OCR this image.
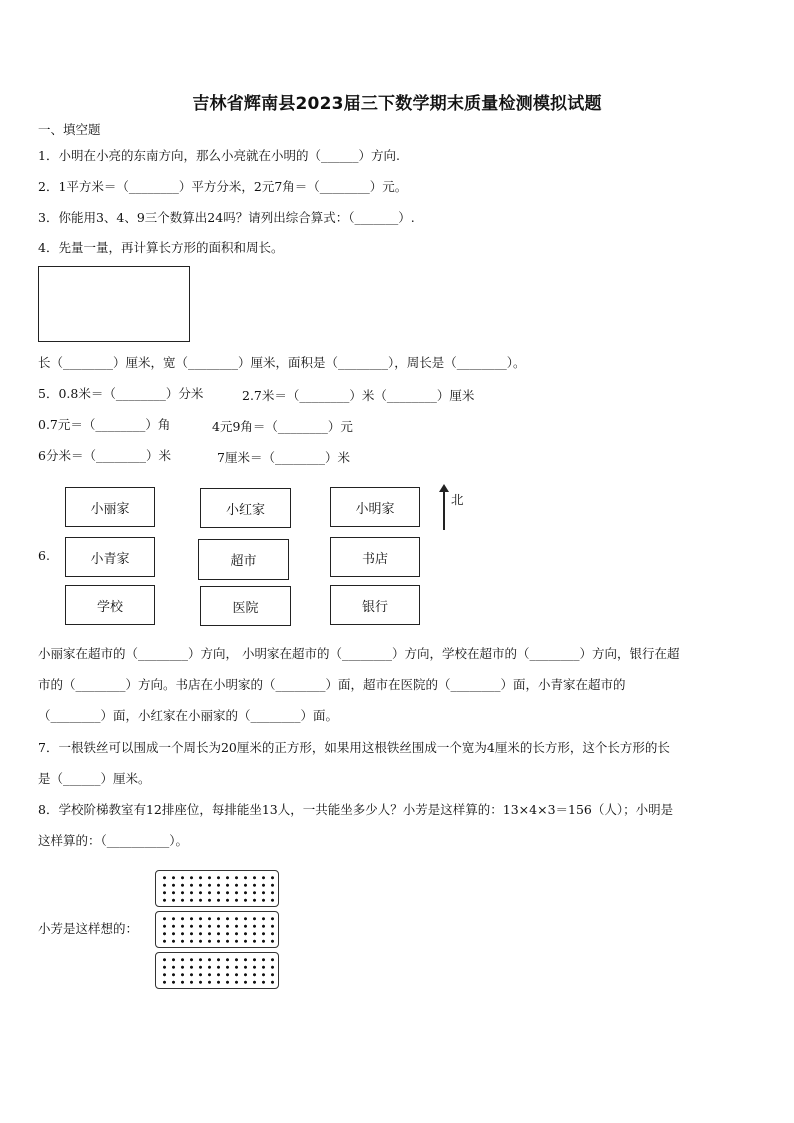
吉林省辉南县2023届三下数学期末质量检测模拟试题
一、填空题
1．小明在小亮的东南方向，那么小亮就在小明的（______）方向.
2．1平方米＝（________）平方分米，2元7角＝（________）元。
3．你能用3、4、9三个数算出24吗？请列出综合算式：（_______）.
4．先量一量，再计算长方形的面积和周长。
长（________）厘米，宽（________）厘米，面积是（________），周长是（________）。
5．0.8米＝（________）分米	2.7米＝（________）米（________）厘米
0.7元＝（________）角	4元9角＝（________）元
6分米＝（________）米	7厘米＝（________）米
6.
小丽家	小红家	小明家
小青家	超市	书店
学校	医院	银行
北
小丽家在超市的（________）方向， 小明家在超市的（________）方向，学校在超市的（________）方向，银行在超
市的（________）方向。书店在小明家的（________）面，超市在医院的（________）面，小青家在超市的
（________）面，小红家在小丽家的（________）面。
7．一根铁丝可以围成一个周长为20厘米的正方形，如果用这根铁丝围成一个宽为4厘米的长方形，这个长方形的长
是（______）厘米。
8．学校阶梯教室有12排座位，每排能坐13人，一共能坐多少人？小芳是这样算的：13×4×3＝156（人）；小明是
这样算的：（__________）。
小芳是这样想的：
